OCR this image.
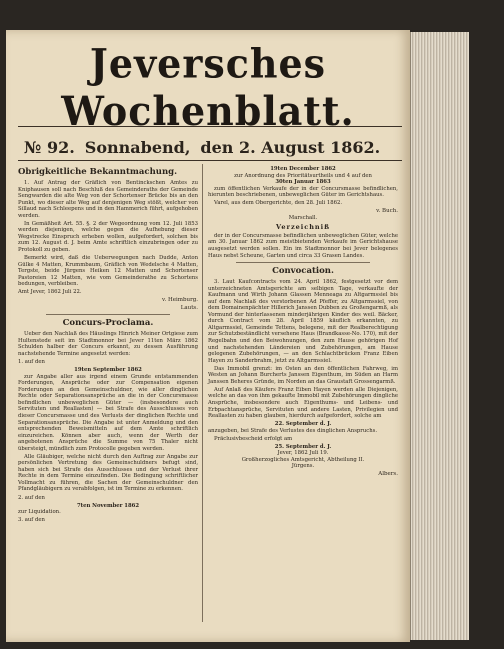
Jeversches Wochenblatt.
№ 92. Sonnabend, den 2. August 1862.
Obrigkeitliche Bekanntmachung.

1. Auf Antrag der Gräflich von Bentinckschen Amtes zu Kniphausen soll nach Beschluß des Gemeinderaths der Gemeinde Sengwarden die alte Weg von der Schortenser Brücke bis an den Punkt, wo dieser alte Weg auf denjenigen Weg stößt, welcher von Sillaud nach Schleepens und in den Hammerich führt, aufgehoben werden.

In Gemäßheit Art. 55. §. 2 der Wegeordnung vom 12. Juli 1853 werden diejenigen, welche gegen die Aufhebung dieser Wegstrecke Einspruch erheben wollen, aufgefordert, solchen bis zum 12. August d. J. beim Amte schriftlich einzubringen oder zu Protokoll zu geben.

Bemerkt wird, daß die Ueberwegungen nach Dudde, Anton Gülke 4 Matten, Krummbaum, Gräflich von Wedelsche 4 Matten, Tergste, beide Jürgens Heiken 12 Matten und Schortenser Pastoreien 12 Matten, wie vom Gemeinderathe zu Schortens bedungen, verbleiben.

Amt Jever, 1862 Juli 22.

v. Heimburg.
Lauts.
Concurs-Proclama.

Ueber den Nachlaß des Häuslings Hinrich Meiner Ortgiese zum Hultenstede seit im Stadtmonnor bei Jever 11ten März 1862 Schulden halber der Concurs erkannt, zu dessen Ausführung nachstehende Termine angesetzt werden:

1. auf den

19ten September 1862

zur Angabe aller aus irgend einem Grunde entstammenden Forderungen, Ansprüche oder zur Compensation eigenen Forderungen an den Gemeinschuldner, wie aller dinglichen Rechte oder Separationsansprüche an die in der Concursmasse befindlichen unbeweglichen Güter — (insbesondere auch Servituten und Reallasten) — bei Strafe des Ausschlusses von dieser Concursmasse und des Verlusts der dinglichen Rechte und Separationsansprüche. Die Angabe ist unter Anmeldung und den entsprechenden Beweismitteln auf dem Amte schriftlich einzureichen. Können aber auch, wenn der Werth der angebotenen Ansprüche die Summe von 75 Thaler nicht übersteigt, mündlich zum Protocolle gegeben werden.

Alle Gläubiger, welche nicht durch den Auftrag zur Angabe zur persönlichen Vertretung des Gemeinschuldners befugt sind, haben sich bei Strafe des Ausschlusses und der Verlust ihrer Rechte in dem Termine einzufinden. Die Bedingung schriftlicher Vollmacht zu führen, die Sachen der Gemeinschuldner den Pfandgläubigern zu verabfolgen, ist im Termine zu erkennen.

2. auf den

7ten November 1862

zur Liquidation.

3. auf den

19ten December 1862
zur Anordnung des Prioritätsurtheils und 4 auf den
30ten Januar 1863

zum öffentlichen Verkaufe der in der Concursmasse befindlichen, hierunten beschriebenen, unbeweglichen Güter im Gerichtshaus.

Varel, aus dem Obergerichte, den 28. Juli 1862.

v. Buch.
Marschall.
Verzeichniß

der in der Concursmasse befindlichen unbeweglichen Güter, welche am 30. Januar 1862 zum meistbietenden Verkaufe im Gerichtshause ausgesetzt werden sollen. Ein im Stadtmonnor bei Jever belegenes Haus nebst Scheune, Garten und circa 33 Grasen Landes.

Convocation.

3. Laut Kaufcontracts vom 24. April 1862, festgesetzt vor dem unterzeichneten Amtsgerichte am selbigen Tage, verkaufte der Kaufmann und Wirth Johann Glassen Menneaga zu Altgarmssiel bis auf dem Nachlaß des verstorbenen Ad Pfeffer, zu Altgarmssiel, von dem Domainenpächter Hillerich Janssen Dubben zu Großengarmß, als Vormund der hinterlassenen minderjährigen Kinder des weil. Bäcker, durch Contract vom 28. April 1859 käuflich erkannten, zu Altgarmssiel, Gemeinde Tettens, belegene, mit der Realberechtigung zur Schutzbeständlicht versehene Haus (Brandkasse-No. 170), mit der Regelbahn und den Beiwohnungen, den zum Hause gehörigen Hof und nachstehenden Ländereien und Zubehörungen, am Hause gelegenen Zubehörungen, — an den Schlachtbrücken Franz Eiben Hayen zu Sanderbrahm, jetzt zu Altgarmssiel.

Das Immobil grenzt: im Osten an den öffentlichen Fahrweg, im Westen an Johann Burcherts Janssen Eigenthum, im Süden an Harm Janssen Beheres Gründe, im Norden an das Graustaft Grossengarmß.

Auf Anlaß des Käufers Franz Eiben Hayen werden alle Diejenigen, welche an das von ihm gekaufte Immobil mit Zubehörungen dingliche Ansprüche, insbesondere auch Eigenthums- und Leibens- und Erbpachtansprüche, Servituten und andere Lasten, Privilegien und Reallasten zu haben glauben, hierdurch aufgefordert, solche am

22. September d. J.

anzugeben, bei Strafe des Verlustes des dinglichen Anspruchs.

Präclusivbescheid erfolgt am

25. September d. J.
Jever, 1862 Juli 19.
Großherzogliches Amtsgericht, Abtheilung II.
Jürgens.
Albers.
